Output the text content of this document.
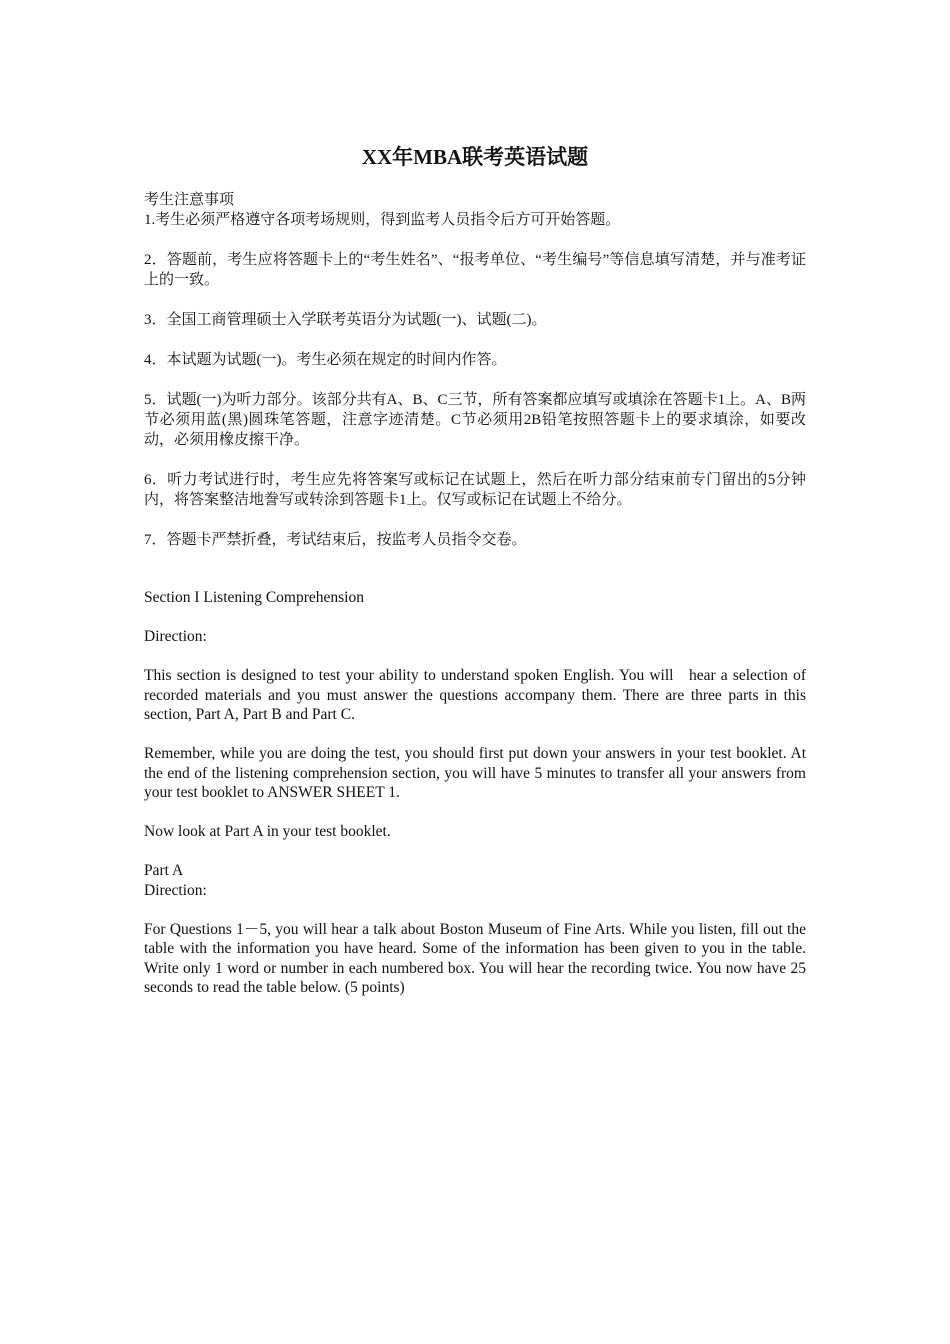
XX年MBA联考英语试题

考生注意事项

1.考生必须严格遵守各项考场规则，得到监考人员指令后方可开始答题。

2．答题前，考生应将答题卡上的“考生姓名”、“报考单位、“考生编号”等信息填写清楚，并与准考证上的一致。

3．全国工商管理硕士入学联考英语分为试题(一)、试题(二)。

4．本试题为试题(一)。考生必须在规定的时间内作答。

5．试题(一)为听力部分。该部分共有A、B、C三节，所有答案都应填写或填涂在答题卡1上。A、B两节必须用蓝(黑)圆珠笔答题，注意字迹清楚。C节必须用2B铅笔按照答题卡上的要求填涂，如要改动，必须用橡皮擦干净。

6．听力考试进行时，考生应先将答案写或标记在试题上，然后在听力部分结束前专门留出的5分钟内，将答案整洁地誊写或转涂到答题卡1上。仅写或标记在试题上不给分。

7．答题卡严禁折叠，考试结束后，按监考人员指令交卷。

Section I Listening Comprehension

Direction:

This section is designed to test your ability to understand spoken English. You will   hear a selection of recorded materials and you must answer the questions accompany them. There are three parts in this section, Part A, Part B and Part C.

Remember, while you are doing the test, you should first put down your answers in your test booklet. At the end of the listening comprehension section, you will have 5 minutes to transfer all your answers from your test booklet to ANSWER SHEET 1.

Now look at Part A in your test booklet.

Part A

Direction:

For Questions 1－5, you will hear a talk about Boston Museum of Fine Arts. While you listen, fill out the table with the information you have heard. Some of the information has been given to you in the table. Write only 1 word or number in each numbered box. You will hear the recording twice. You now have 25 seconds to read the table below. (5 points)
